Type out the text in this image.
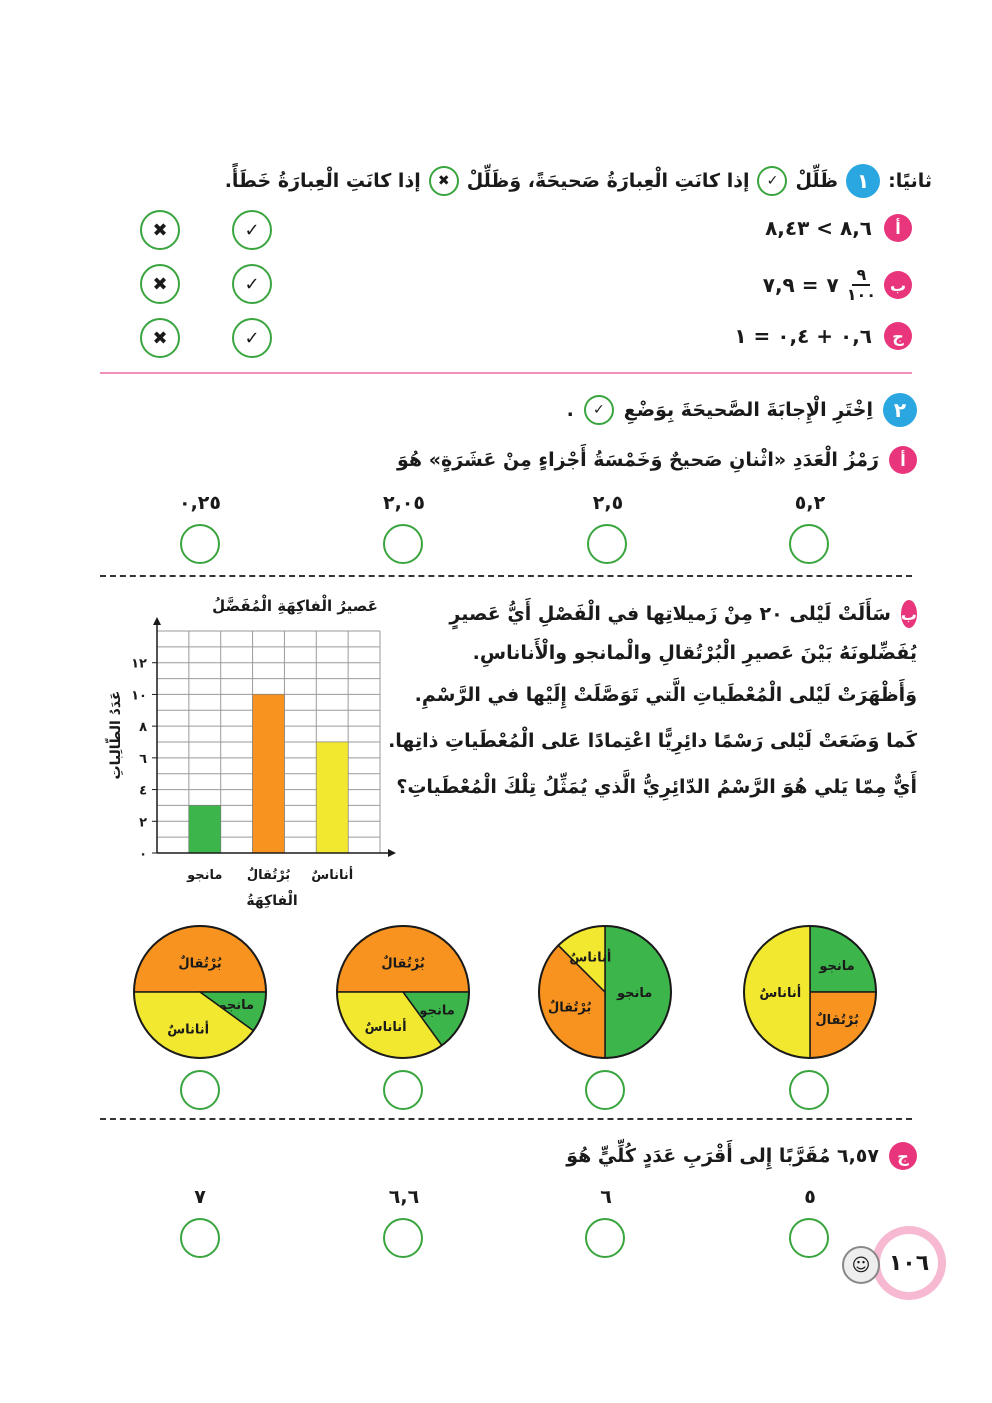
ثانيًا:
١
ظَلِّلْ
✓
إذا كانَتِ الْعِبارَةُ صَحيحَةً، وَظَلِّلْ
✖
إذا كانَتِ الْعِبارَةُ خَطَأً.
أ
٨,٦ > ٨,٤٣
✓
✖
ب
٩
١٠٠
٧
= ٧,٩
✓
✖
ج
٠,٦ + ٠,٤ = ١
✓
✖
٢
اِخْتَرِ الْإِجابَةَ الصَّحيحَةَ بِوَضْعِ
✓
.
أ
رَمْزُ الْعَدَدِ «اثْنانِ صَحيحٌ وَخَمْسَةُ أَجْزاءٍ مِنْ عَشَرَةٍ» هُوَ
٥,٢
٢,٥
٢,٠٥
٠,٢٥
ب
سَأَلَتْ لَيْلى ٢٠ مِنْ زَميلاتِها في الْفَصْلِ أَيُّ عَصيرٍ
يُفَضِّلونَهُ بَيْنَ عَصيرِ الْبُرْتُقالِ والْمانجو والْأَناناسِ.
وَأَظْهَرَتْ لَيْلى الْمُعْطَياتِ الَّتي تَوَصَّلَتْ إِلَيْها في الرَّسْمِ.
كَما وَضَعَتْ لَيْلى رَسْمًا دائِرِيًّا اعْتِمادًا عَلى الْمُعْطَياتِ ذاتِها.
أَيٌّ مِمّا يَلي هُوَ الرَّسْمُ الدّائِرِيُّ الَّذي يُمَثِّلُ تِلْكَ الْمُعْطَياتِ؟
عَصيرُ الْفاكِهَةِ الْمُفَضَّلُ
٠
٢
٤
٦
٨
١٠
١٢
مانجو بُرْتُقالٌ أناناسٌ
الْفاكِهَةُ
عَدَدُ الطّالِباتِ
مانجو
بُرْتُقالٌ
أناناسٌ
مانجو
بُرْتُقالٌ
أناناسٌ
بُرْتُقالٌ
مانجو
أناناسٌ
بُرْتُقالٌ
مانجو
أناناسٌ
ج
٦,٥٧ مُقَرَّبًا إِلى أَقْرَبِ عَدَدٍ كُلِّيٍّ هُوَ
٥
٦
٦,٦
٧
١٠٦
☺
